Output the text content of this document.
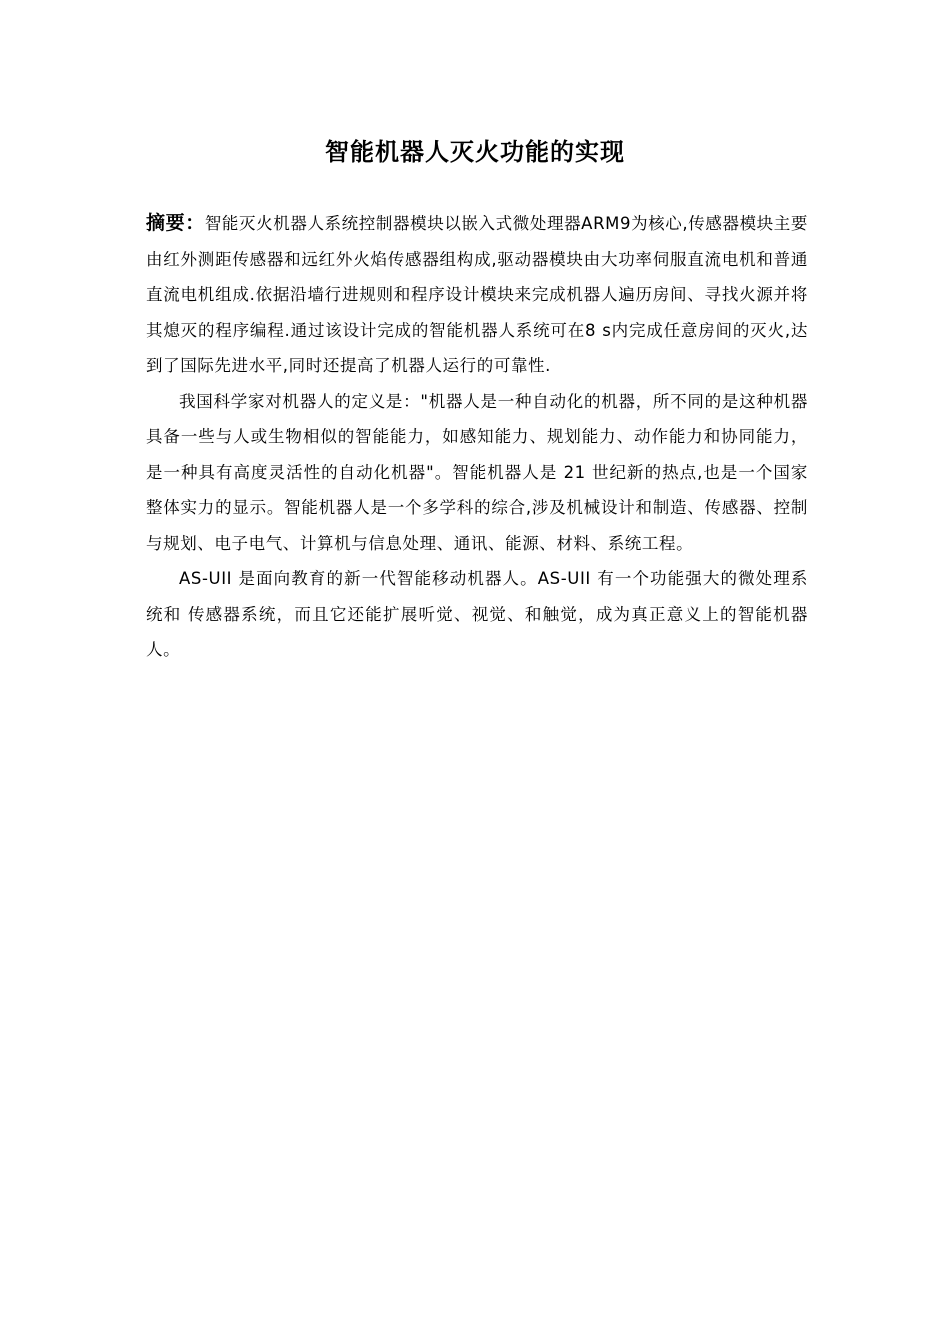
智能机器人灭火功能的实现

摘要：智能灭火机器人系统控制器模块以嵌入式微处理器ARM9为核心,传感器模块主要由红外测距传感器和远红外火焰传感器组构成,驱动器模块由大功率伺服直流电机和普通直流电机组成.依据沿墙行进规则和程序设计模块来完成机器人遍历房间、寻找火源并将其熄灭的程序编程.通过该设计完成的智能机器人系统可在8 s内完成任意房间的灭火,达到了国际先进水平,同时还提高了机器人运行的可靠性.

我国科学家对机器人的定义是："机器人是一种自动化的机器，所不同的是这种机器具备一些与人或生物相似的智能能力，如感知能力、规划能力、动作能力和协同能力，是一种具有高度灵活性的自动化机器"。智能机器人是 21 世纪新的热点,也是一个国家整体实力的显示。智能机器人是一个多学科的综合,涉及机械设计和制造、传感器、控制与规划、电子电气、计算机与信息处理、通讯、能源、材料、系统工程。

AS-UII 是面向教育的新一代智能移动机器人。AS-UII 有一个功能强大的微处理系统和 传感器系统，而且它还能扩展听觉、视觉、和触觉，成为真正意义上的智能机器人。
